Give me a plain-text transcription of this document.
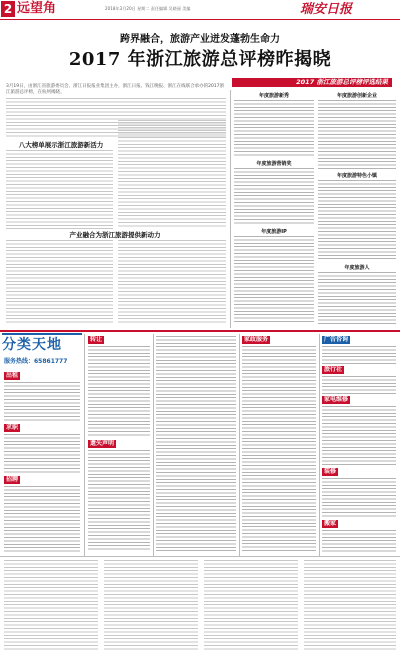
2 远望角	2018年3月20日 星期二 责任编辑 吴晓丽 美编	瑞安日报
跨界融合，旅游产业迸发蓬勃生命力
2017 年浙江旅游总评榜昨揭晓
2017 浙江旅游总评榜评选结果
3月19日，由浙江省旅游委员会、浙江日报报业集团主办，浙江日报、钱江晚报、浙江在线联合承办的2017浙江旅游总评榜，在杭州揭晓。
八大榜单展示浙江旅游新活力
产业融合为浙江旅游提供新动力
年度旅游新秀
年度旅游营销奖
年度旅游IP
年度旅游创新企业
年度旅游特色小镇
年度旅游人
分类天地
服务热线：65861777
出租
求职
招聘
转让
遗失声明
家政服务	广告咨询
旅行社
家电维修
装修
搬家
